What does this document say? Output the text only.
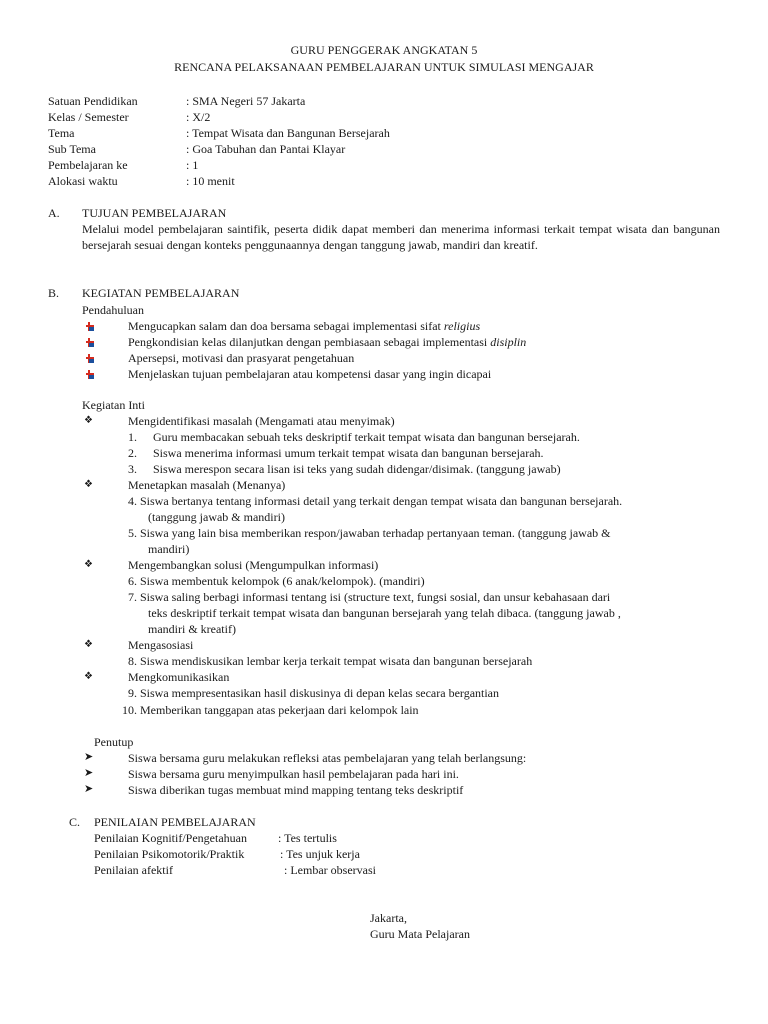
GURU PENGGERAK ANGKATAN 5
RENCANA PELAKSANAAN PEMBELAJARAN UNTUK SIMULASI MENGAJAR
Satuan Pendidikan	: SMA Negeri 57 Jakarta
Kelas / Semester	: X/2
Tema	: Tempat Wisata dan Bangunan Bersejarah
Sub Tema	: Goa Tabuhan dan Pantai Klayar
Pembelajaran ke	: 1
Alokasi waktu	: 10 menit
A. TUJUAN PEMBELAJARAN
Melalui model pembelajaran saintifik, peserta didik dapat memberi dan menerima informasi terkait tempat wisata dan bangunan bersejarah sesuai dengan konteks penggunaannya dengan tanggung jawab, mandiri dan kreatif.
B. KEGIATAN PEMBELAJARAN
Pendahuluan
Mengucapkan salam dan doa bersama sebagai implementasi sifat religius
Pengkondisian kelas dilanjutkan dengan pembiasaan sebagai implementasi disiplin
Apersepsi, motivasi dan prasyarat pengetahuan
Menjelaskan tujuan pembelajaran atau kompetensi dasar yang ingin dicapai
Kegiatan Inti
❖	Mengidentifikasi masalah (Mengamati atau menyimak)
1. Guru membacakan sebuah teks deskriptif terkait tempat wisata dan bangunan bersejarah.
2. Siswa menerima informasi umum terkait tempat wisata dan bangunan bersejarah.
3. Siswa merespon secara lisan isi teks yang sudah didengar/disimak. (tanggung jawab)
❖	Menetapkan masalah (Menanya)
4. Siswa bertanya tentang informasi detail yang terkait dengan tempat wisata dan bangunan bersejarah.
(tanggung jawab & mandiri)
5. Siswa yang lain bisa memberikan respon/jawaban terhadap pertanyaan teman. (tanggung jawab &
mandiri)
❖	Mengembangkan solusi (Mengumpulkan informasi)
6. Siswa membentuk kelompok (6 anak/kelompok). (mandiri)
7. Siswa saling berbagi informasi tentang isi (structure text, fungsi sosial, dan unsur kebahasaan dari
teks deskriptif terkait tempat wisata dan bangunan bersejarah yang telah dibaca. (tanggung jawab ,
mandiri & kreatif)
❖	Mengasosiasi
8. Siswa mendiskusikan lembar kerja terkait tempat wisata dan bangunan bersejarah
❖	Mengkomunikasikan
9. Siswa mempresentasikan hasil diskusinya di depan kelas secara bergantian
10. Memberikan tanggapan atas pekerjaan dari kelompok lain
Penutup
➤	Siswa bersama guru melakukan refleksi atas pembelajaran yang telah berlangsung:
➤	Siswa bersama guru menyimpulkan hasil pembelajaran pada hari ini.
➤	Siswa diberikan tugas membuat mind mapping tentang teks deskriptif
C. PENILAIAN PEMBELAJARAN
Penilaian Kognitif/Pengetahuan	: Tes tertulis
Penilaian Psikomotorik/Praktik	: Tes unjuk kerja
Penilaian afektif	: Lembar observasi
Jakarta,
Guru Mata Pelajaran
